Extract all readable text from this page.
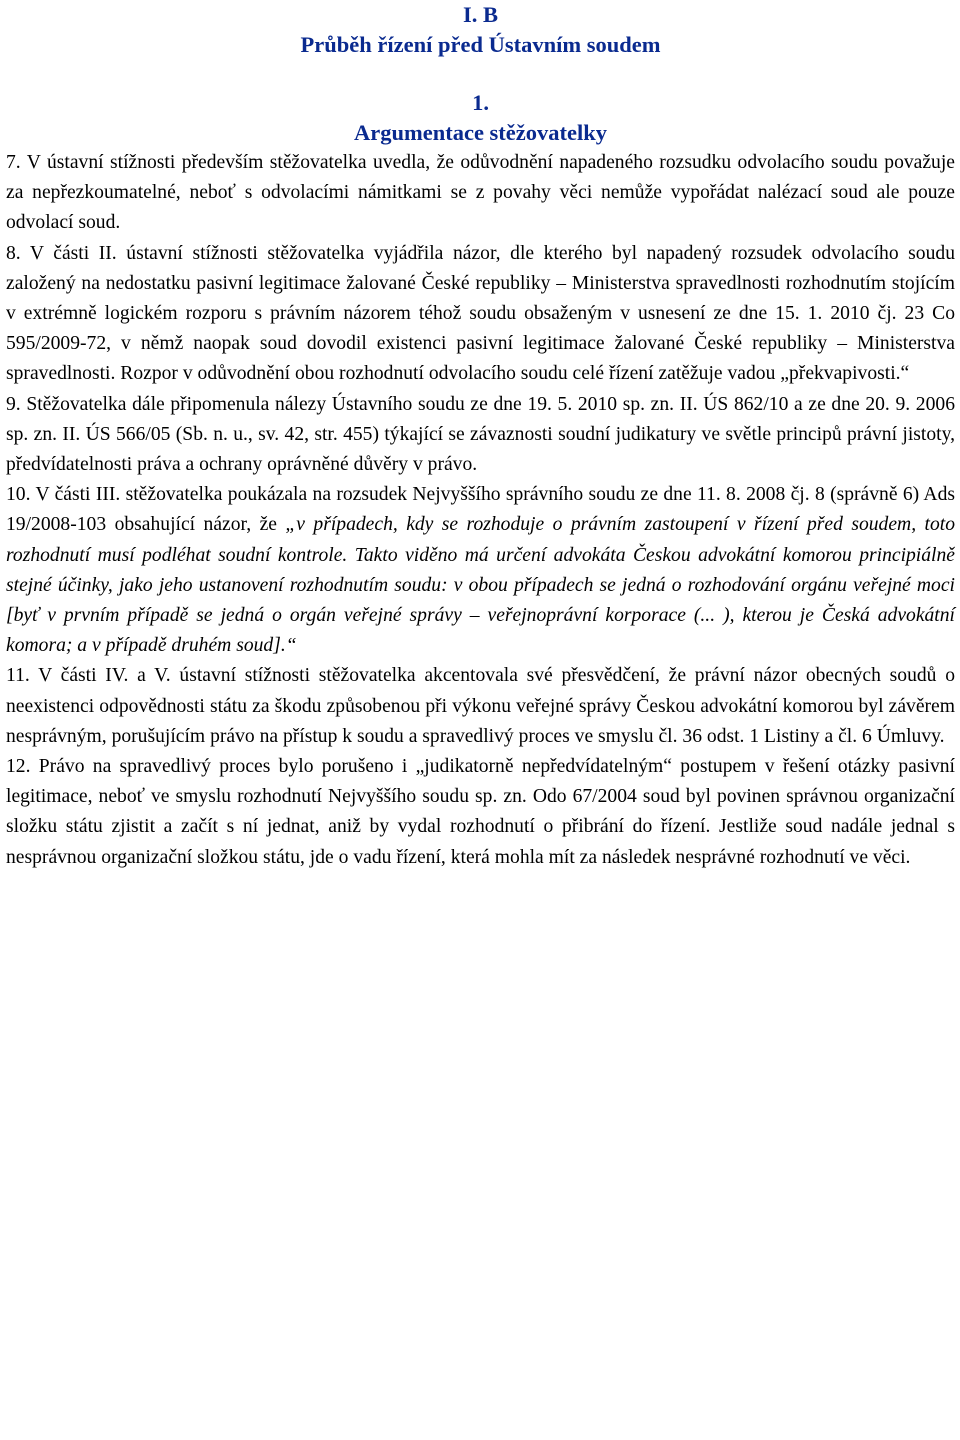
I. B
Průběh řízení před Ústavním soudem
1.
Argumentace stěžovatelky

7. V ústavní stížnosti především stěžovatelka uvedla, že odůvodnění napadeného rozsudku odvolacího soudu považuje za nepřezkoumatelné, neboť s odvolacími námitkami se z povahy věci nemůže vypořádat nalézací soud ale pouze odvolací soud.

8. V části II. ústavní stížnosti stěžovatelka vyjádřila názor, dle kterého byl napadený rozsudek odvolacího soudu založený na nedostatku pasivní legitimace žalované České republiky – Ministerstva spravedlnosti rozhodnutím stojícím v extrémně logickém rozporu s právním názorem téhož soudu obsaženým v usnesení ze dne 15. 1. 2010 čj. 23 Co 595/2009-72, v němž naopak soud dovodil existenci pasivní legitimace žalované České republiky – Ministerstva spravedlnosti. Rozpor v odůvodnění obou rozhodnutí odvolacího soudu celé řízení zatěžuje vadou „překvapivosti.“

9. Stěžovatelka dále připomenula nálezy Ústavního soudu ze dne 19. 5. 2010 sp. zn. II. ÚS 862/10 a ze dne 20. 9. 2006 sp. zn. II. ÚS 566/05 (Sb. n. u., sv. 42, str. 455) týkající se závaznosti soudní judikatury ve světle principů právní jistoty, předvídatelnosti práva a ochrany oprávněné důvěry v právo.

10. V části III. stěžovatelka poukázala na rozsudek Nejvyššího správního soudu ze dne 11. 8. 2008 čj. 8 (správně 6) Ads 19/2008-103 obsahující názor, že „v případech, kdy se rozhoduje o právním zastoupení v řízení před soudem, toto rozhodnutí musí podléhat soudní kontrole. Takto viděno má určení advokáta Českou advokátní komorou principiálně stejné účinky, jako jeho ustanovení rozhodnutím soudu: v obou případech se jedná o rozhodování orgánu veřejné moci [byť v prvním případě se jedná o orgán veřejné správy – veřejnoprávní korporace (... ), kterou je Česká advokátní komora; a v případě druhém soud].“

11. V části IV. a V. ústavní stížnosti stěžovatelka akcentovala své přesvědčení, že právní názor obecných soudů o neexistenci odpovědnosti státu za škodu způsobenou při výkonu veřejné správy Českou advokátní komorou byl závěrem nesprávným, porušujícím právo na přístup k soudu a spravedlivý proces ve smyslu čl. 36 odst. 1 Listiny a čl. 6 Úmluvy.

12. Právo na spravedlivý proces bylo porušeno i „judikatorně nepředvídatelným“ postupem v řešení otázky pasivní legitimace, neboť ve smyslu rozhodnutí Nejvyššího soudu sp. zn. Odo 67/2004 soud byl povinen správnou organizační složku státu zjistit a začít s ní jednat, aniž by vydal rozhodnutí o přibrání do řízení. Jestliže soud nadále jednal s nesprávnou organizační složkou státu, jde o vadu řízení, která mohla mít za následek nesprávné rozhodnutí ve věci.
